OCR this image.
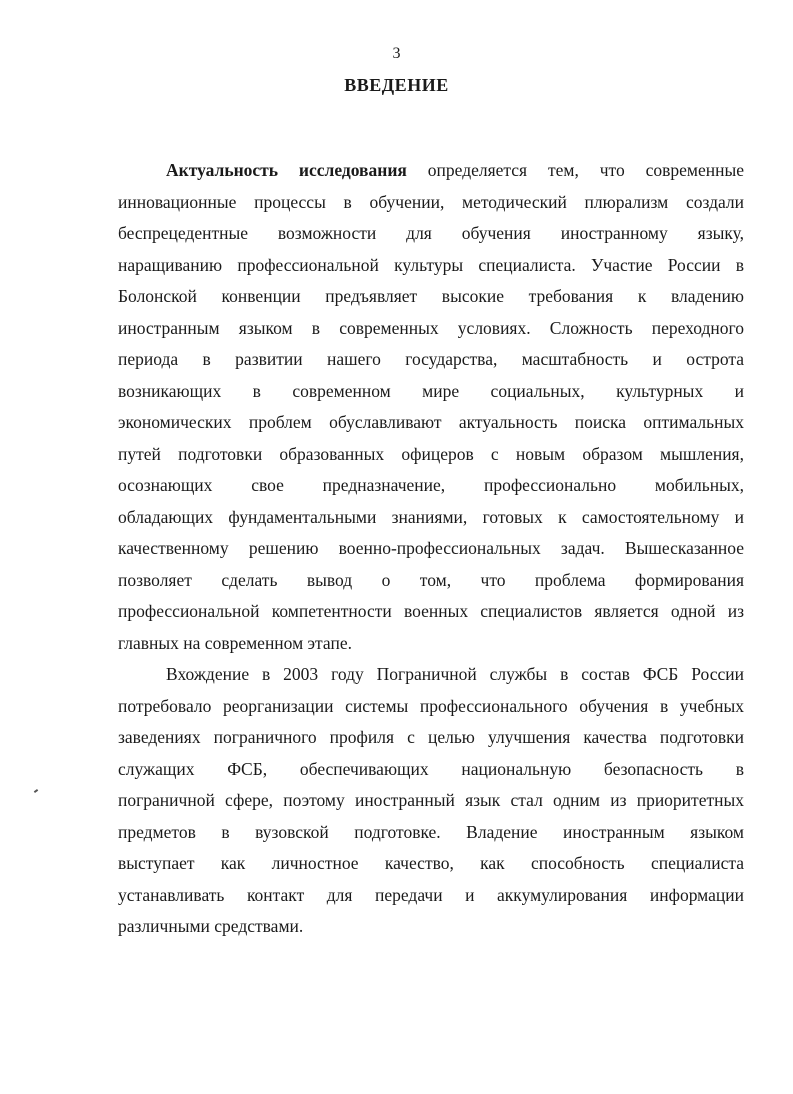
3
ВВЕДЕНИЕ
Актуальность исследования определяется тем, что современные
инновационные процессы в обучении, методический плюрализм создали
беспрецедентные возможности для обучения иностранному языку,
наращиванию профессиональной культуры специалиста. Участие России в
Болонской конвенции предъявляет высокие требования к владению
иностранным языком в современных условиях. Сложность переходного
периода в развитии нашего государства, масштабность и острота
возникающих в современном мире социальных, культурных и
экономических проблем обуславливают актуальность поиска оптимальных
путей подготовки образованных офицеров с новым образом мышления,
осознающих свое предназначение, профессионально мобильных,
обладающих фундаментальными знаниями, готовых к самостоятельному и
качественному решению военно-профессиональных задач. Вышесказанное
позволяет сделать вывод о том, что проблема формирования
профессиональной компетентности военных специалистов является одной из
главных на современном этапе.
Вхождение в 2003 году Пограничной службы в состав ФСБ России
потребовало реорганизации системы профессионального обучения в учебных
заведениях пограничного профиля с целью улучшения качества подготовки
служащих ФСБ, обеспечивающих национальную безопасность в
пограничной сфере, поэтому иностранный язык стал одним из приоритетных
предметов в вузовской подготовке. Владение иностранным языком
выступает как личностное качество, как способность специалиста
устанавливать контакт для передачи и аккумулирования информации
различными средствами.
